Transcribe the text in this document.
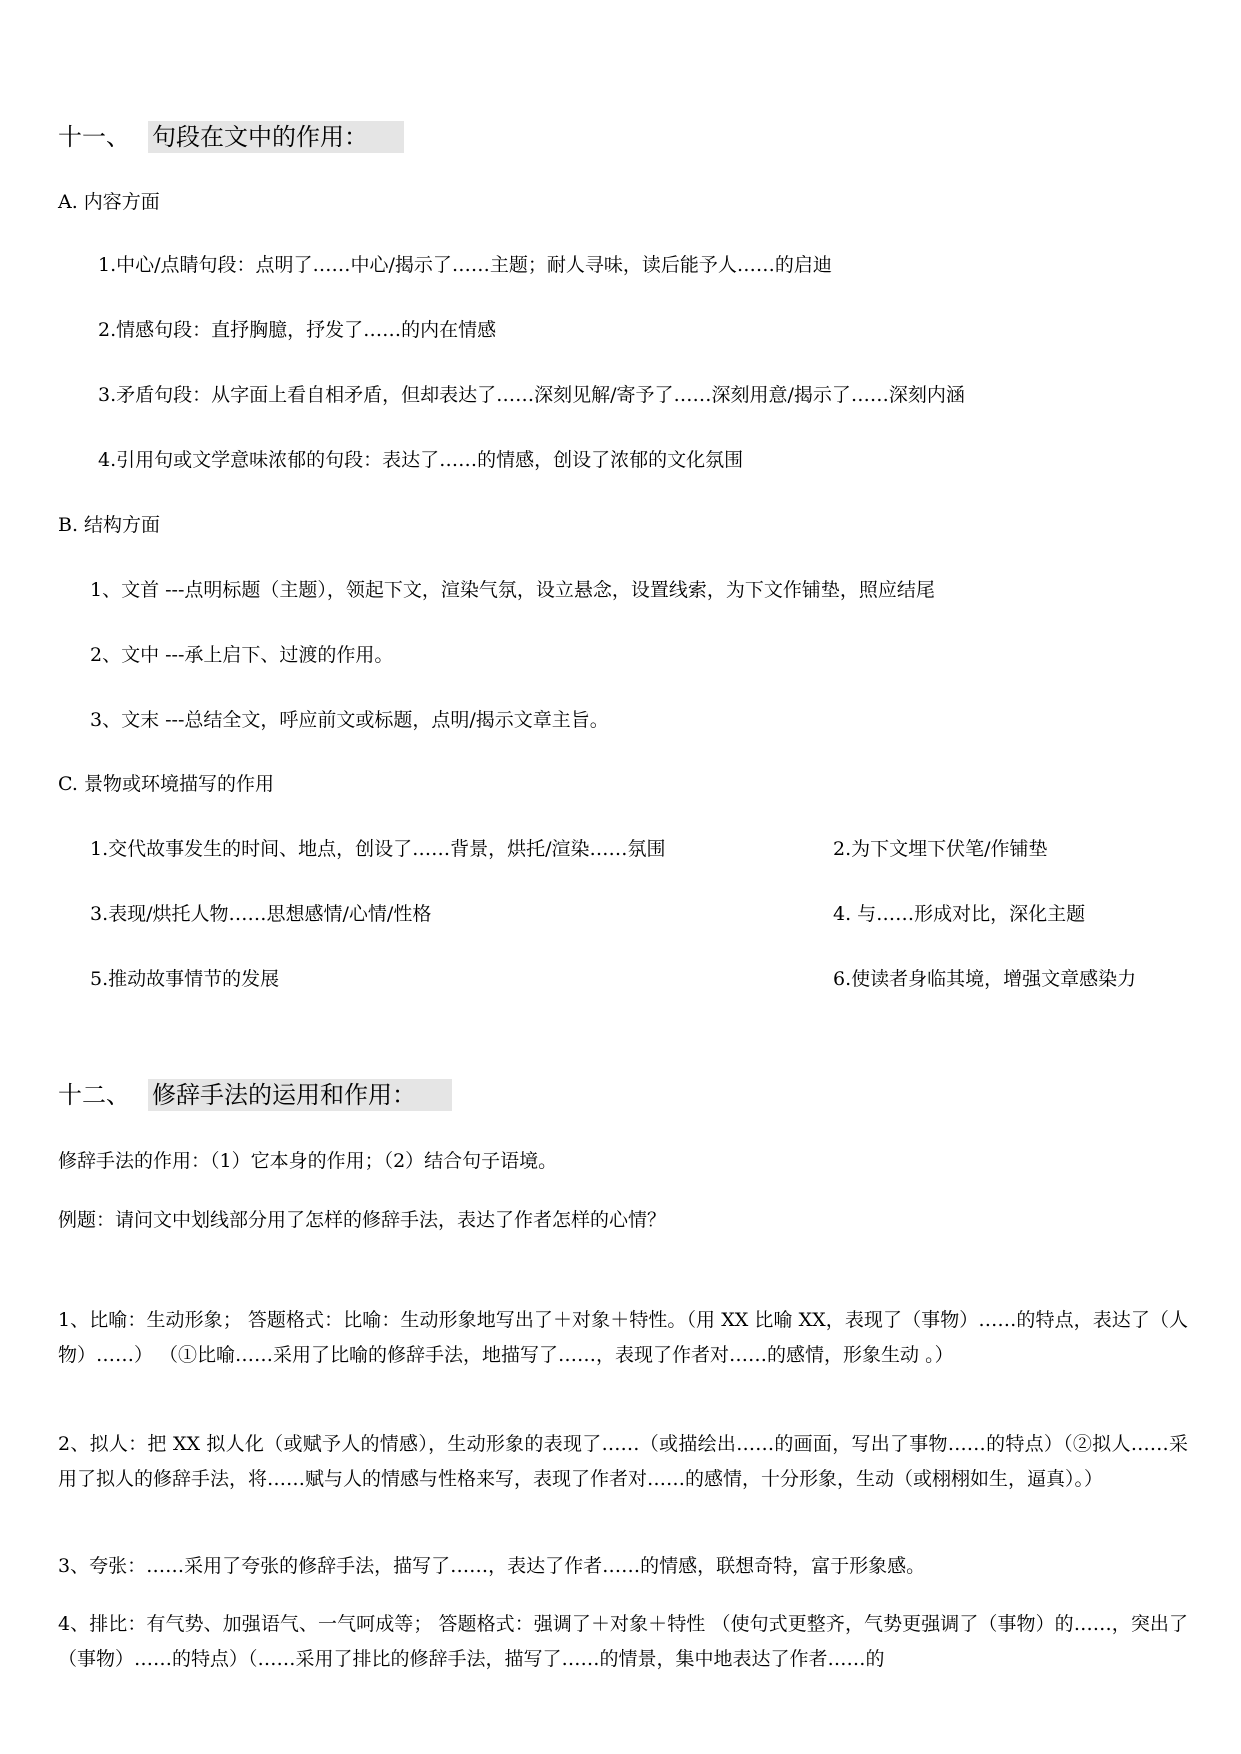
十一、 句段在文中的作用：
A. 内容方面
1.中心/点睛句段：点明了……中心/揭示了……主题；耐人寻味，读后能予人……的启迪
2.情感句段：直抒胸臆，抒发了……的内在情感
3.矛盾句段：从字面上看自相矛盾，但却表达了……深刻见解/寄予了……深刻用意/揭示了……深刻内涵
4.引用句或文学意味浓郁的句段：表达了……的情感，创设了浓郁的文化氛围
B. 结构方面
1、文首 ---点明标题（主题），领起下文，渲染气氛，设立悬念，设置线索，为下文作铺垫，照应结尾
2、文中 ---承上启下、过渡的作用。
3、文末 ---总结全文，呼应前文或标题，点明/揭示文章主旨。
C. 景物或环境描写的作用
1.交代故事发生的时间、地点，创设了……背景，烘托/渲染……氛围	2.为下文埋下伏笔/作铺垫
3.表现/烘托人物……思想感情/心情/性格	4. 与……形成对比，深化主题
5.推动故事情节的发展	6.使读者身临其境，增强文章感染力
十二、 修辞手法的运用和作用：
修辞手法的作用：（1）它本身的作用；（2）结合句子语境。
例题：请问文中划线部分用了怎样的修辞手法，表达了作者怎样的心情？
1、比喻：生动形象； 答题格式：比喻：生动形象地写出了＋对象＋特性。（用 XX 比喻 XX，表现了（事物）……的特点，表达了（人物）……） （①比喻……采用了比喻的修辞手法，地描写了……，表现了作者对……的感情，形象生动 。）
2、拟人：把 XX 拟人化（或赋予人的情感），生动形象的表现了……（或描绘出……的画面，写出了事物……的特点）（②拟人……采用了拟人的修辞手法，将……赋与人的情感与性格来写，表现了作者对……的感情，十分形象，生动（或栩栩如生，逼真）。）
3、夸张：……采用了夸张的修辞手法，描写了……，表达了作者……的情感，联想奇特，富于形象感。
4、排比：有气势、加强语气、一气呵成等； 答题格式：强调了＋对象＋特性 （使句式更整齐，气势更强调了（事物）的……，突出了（事物）……的特点）（……采用了排比的修辞手法，描写了……的情景，集中地表达了作者……的
